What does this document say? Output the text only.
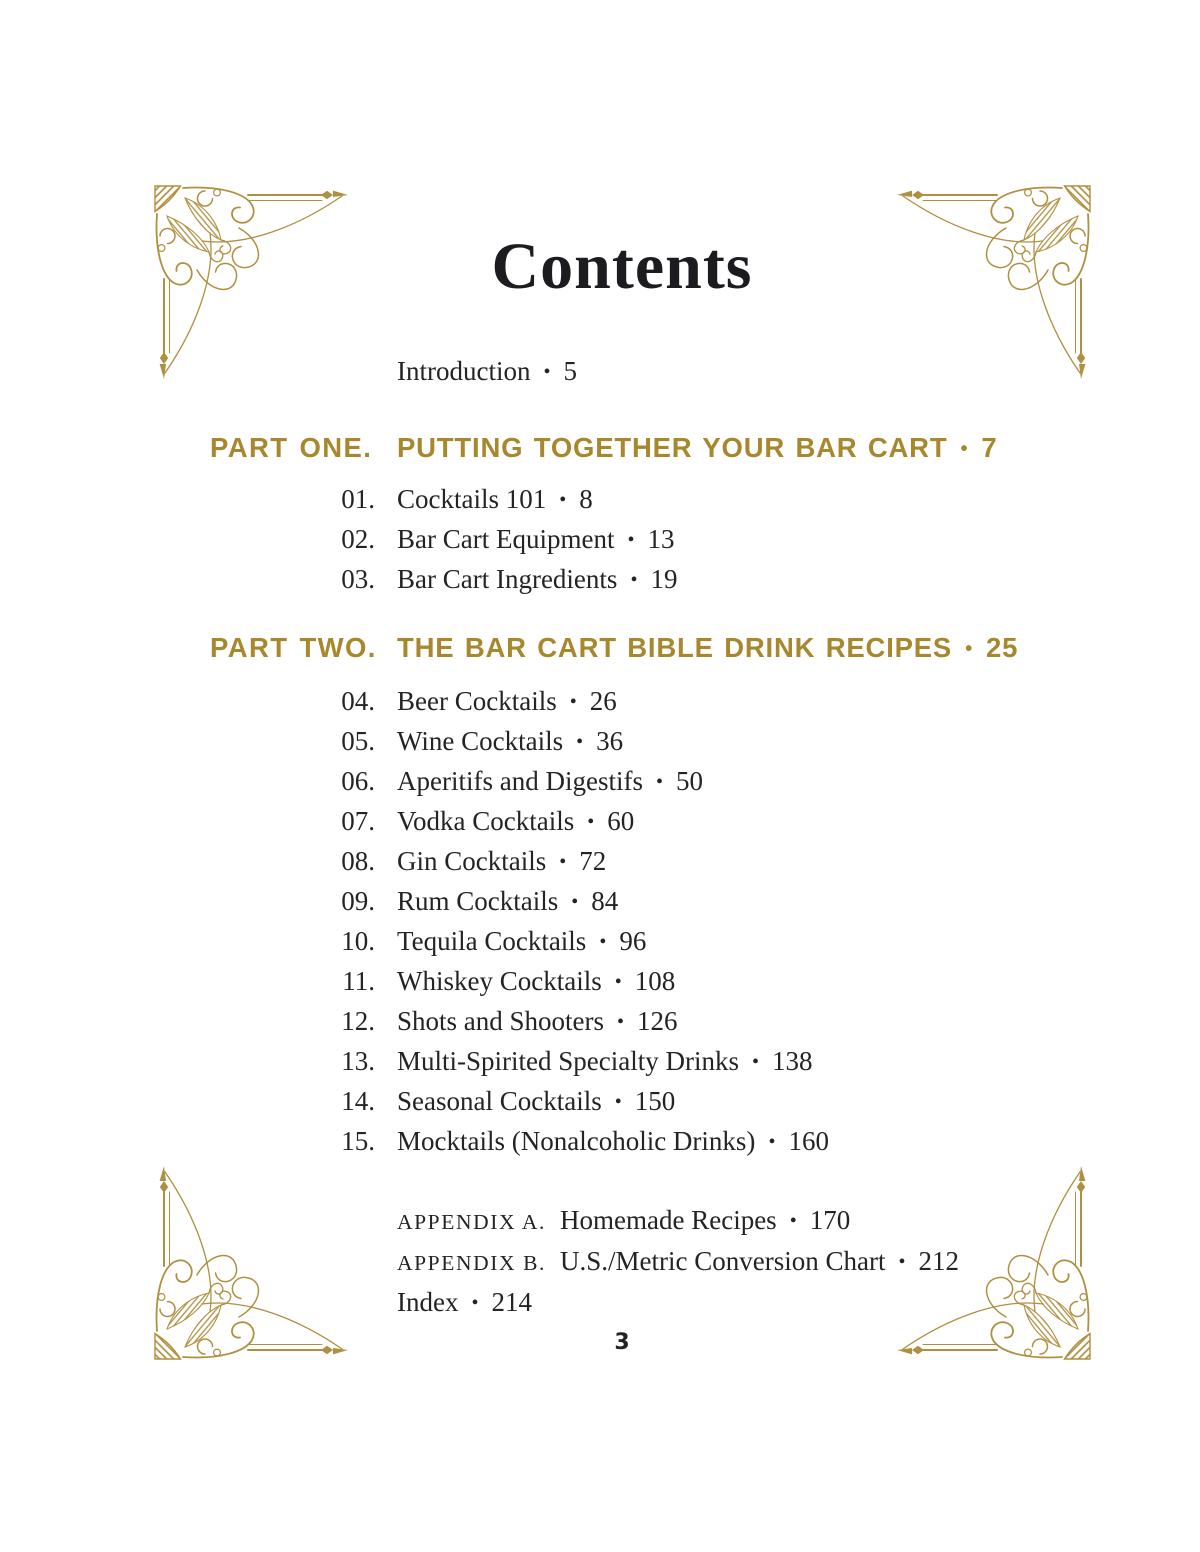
Contents
Introduction • 5
PART ONE. PUTTING TOGETHER YOUR BAR CART • 7
01. Cocktails 101 • 8
02. Bar Cart Equipment • 13
03. Bar Cart Ingredients • 19
PART TWO. THE BAR CART BIBLE DRINK RECIPES • 25
04. Beer Cocktails • 26
05. Wine Cocktails • 36
06. Aperitifs and Digestifs • 50
07. Vodka Cocktails • 60
08. Gin Cocktails • 72
09. Rum Cocktails • 84
10. Tequila Cocktails • 96
11. Whiskey Cocktails • 108
12. Shots and Shooters • 126
13. Multi-Spirited Specialty Drinks • 138
14. Seasonal Cocktails • 150
15. Mocktails (Nonalcoholic Drinks) • 160
APPENDIX A. Homemade Recipes • 170
APPENDIX B. U.S./Metric Conversion Chart • 212
Index • 214
3
